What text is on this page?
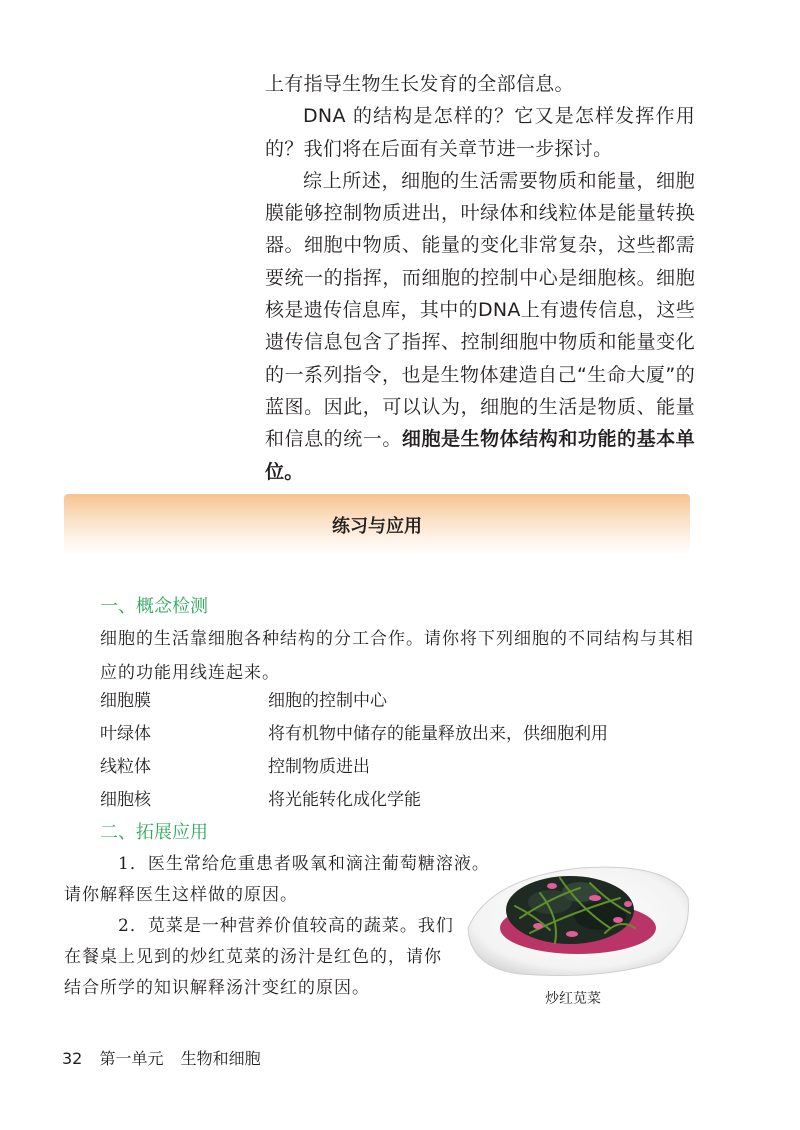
上有指导生物生长发育的全部信息。

DNA 的结构是怎样的？它又是怎样发挥作用的？我们将在后面有关章节进一步探讨。

综上所述，细胞的生活需要物质和能量，细胞膜能够控制物质进出，叶绿体和线粒体是能量转换器。细胞中物质、能量的变化非常复杂，这些都需要统一的指挥，而细胞的控制中心是细胞核。细胞核是遗传信息库，其中的DNA上有遗传信息，这些遗传信息包含了指挥、控制细胞中物质和能量变化的一系列指令，也是生物体建造自己“生命大厦”的蓝图。因此，可以认为，细胞的生活是物质、能量和信息的统一。细胞是生物体结构和功能的基本单位。

练习与应用
一、概念检测
细胞的生活靠细胞各种结构的分工合作。请你将下列细胞的不同结构与其相应的功能用线连起来。
细胞膜	细胞的控制中心
叶绿体	将有机物中储存的能量释放出来，供细胞利用
线粒体	控制物质进出
细胞核	将光能转化成化学能
二、拓展应用
1．医生常给危重患者吸氧和滴注葡萄糖溶液。
请你解释医生这样做的原因。
2．苋菜是一种营养价值较高的蔬菜。我们
在餐桌上见到的炒红苋菜的汤汁是红色的，请你
结合所学的知识解释汤汁变红的原因。
炒红苋菜
32 第一单元 生物和细胞
